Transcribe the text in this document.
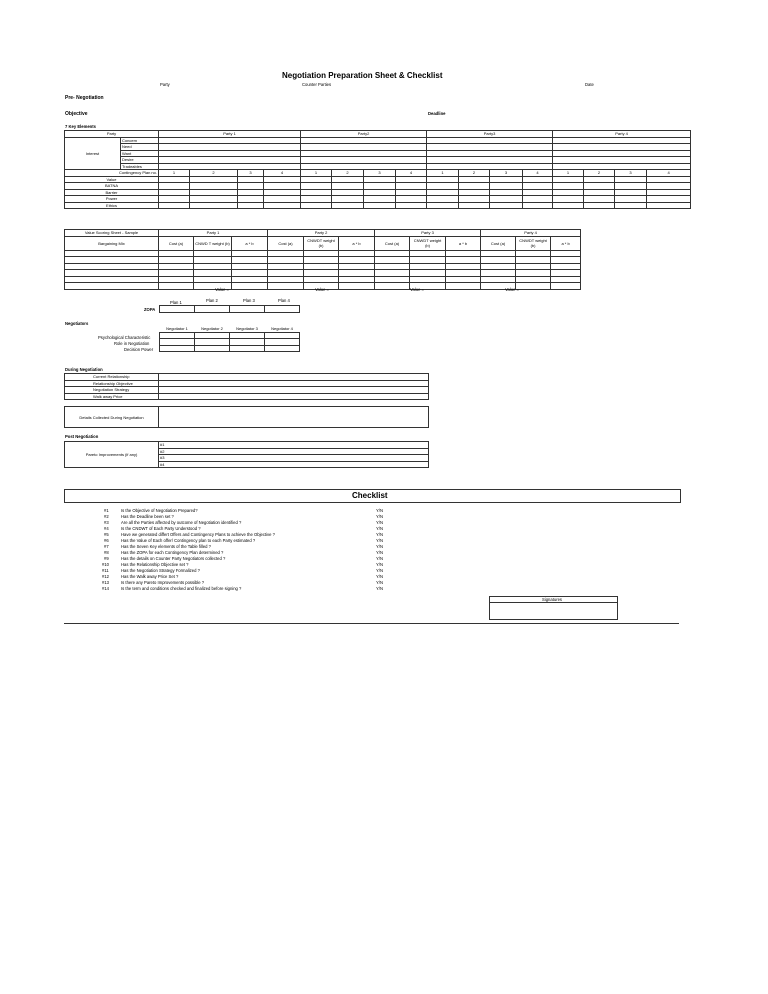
Negotiation Preparation Sheet & Checklist
Party	Counter Parties	Date
Pre- Negotiation
Objective	Deadline
7 Key Elements
Party		Party 1				Party2				Party3				Party 4			
Interest	Concern																
	Need																
	Want																
	Desire																
	Tradeables																
Contingency Plan no.		1	2	3	4	1	2	3	4	1	2	3	4	1	2	3	4
Value																	
BATNA																	
Barrier																	
Power																	
Ethics																	
Value Scoring Sheet - Sample	Party 1			Party 2			Party 3			Party 4		
Bargaining Mix	Cost (a)	CNWD T weight (b)	a * b	Cost (a)	CNWDT weight (b)	a * b	Cost (a)	CNWDT weight (b)	a * b	Cost (a)	CNWDT weight (b)	a * b

Value =	Value =	Value =	Value =
Plan 1	Plan 2	Plan 3	Plan 4
ZOPA

Negotiators
Negotiator 1	Negotiator 2	Negotiator 3	Negotiator 4

Psychological Characteristic
Role in Negotiation
Decision Power
During Negotiation
Current Relationship	
Relationship Objective	
Negotiation Strategy	
Walk away Price	
Details Collected During Negotiation	
Post Negotiation
Pareto Improvements (if any)	#1
#2
#3
#4
Checklist
#1	Is the Objective of Negotiation Prepared?	Y/N
#2	Has the Deadline been set ?	Y/N
#3	Are all the Parties affected by outcome of Negotiation identified ?	Y/N
#4	Is the CNDWT of Each Party Understood ?	Y/N
#5	Have we generated differt Offers and Contingency Plans to achieve the Objective ?	Y/N
#6	Has the Value of Each offer/ Contingency plan to each Party estimated ?	Y/N
#7	Has the Seven Key elements of the Table filled ?	Y/N
#8	Has the ZOPA for each Contingency Plan determined ?	Y/N
#9	Has the details on Counter Party Negotiators collected ?	Y/N
#10	Has the Relationship Objective set ?	Y/N
#11	Has the Negotiation Strategy Formalized ?	Y/N
#12	Has the Walk away Price Set ?	Y/N
#13	Is there any Pareto Improvements possible ?	Y/N
#14	Is the term and conditions checked and finalized before signing ?	Y/N
Signatures
